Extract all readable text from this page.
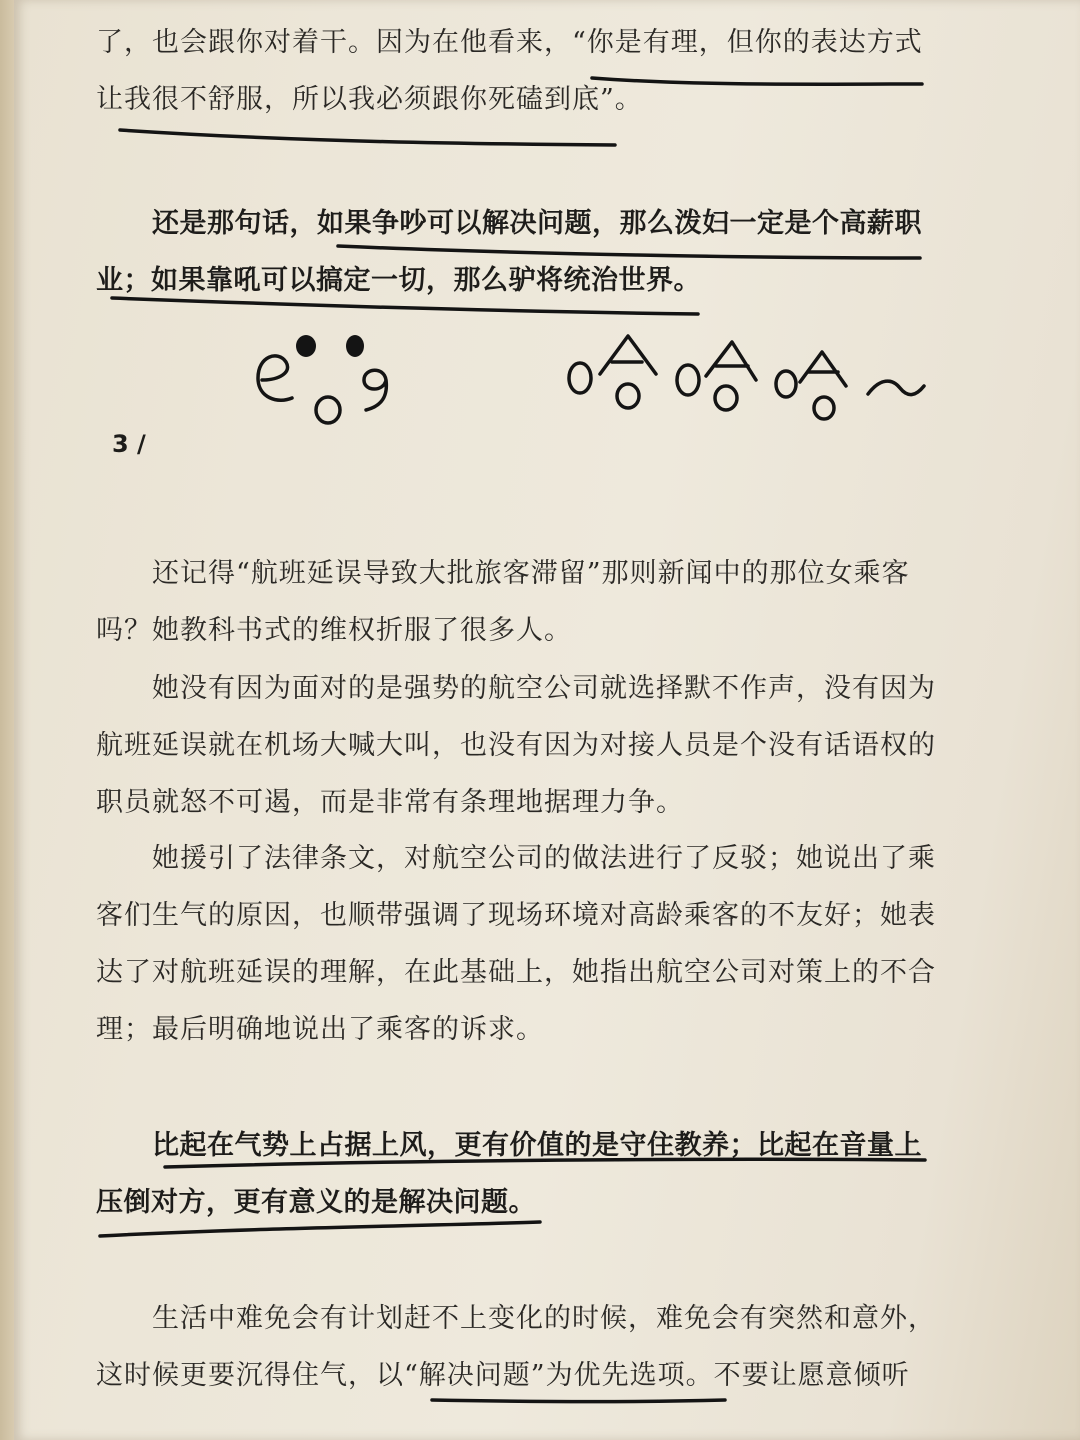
了，也会跟你对着干。因为在他看来，“你是有理，但你的表达方式让我很不舒服，所以我必须跟你死磕到底”。

还是那句话，如果争吵可以解决问题，那么泼妇一定是个高薪职业；如果靠吼可以搞定一切，那么驴将统治世界。

3 /

还记得“航班延误导致大批旅客滞留”那则新闻中的那位女乘客吗？她教科书式的维权折服了很多人。

她没有因为面对的是强势的航空公司就选择默不作声，没有因为航班延误就在机场大喊大叫，也没有因为对接人员是个没有话语权的职员就怒不可遏，而是非常有条理地据理力争。

她援引了法律条文，对航空公司的做法进行了反驳；她说出了乘客们生气的原因，也顺带强调了现场环境对高龄乘客的不友好；她表达了对航班延误的理解，在此基础上，她指出航空公司对策上的不合理；最后明确地说出了乘客的诉求。

比起在气势上占据上风，更有价值的是守住教养；比起在音量上压倒对方，更有意义的是解决问题。

生活中难免会有计划赶不上变化的时候，难免会有突然和意外，这时候更要沉得住气，以“解决问题”为优先选项。不要让愿意倾听
